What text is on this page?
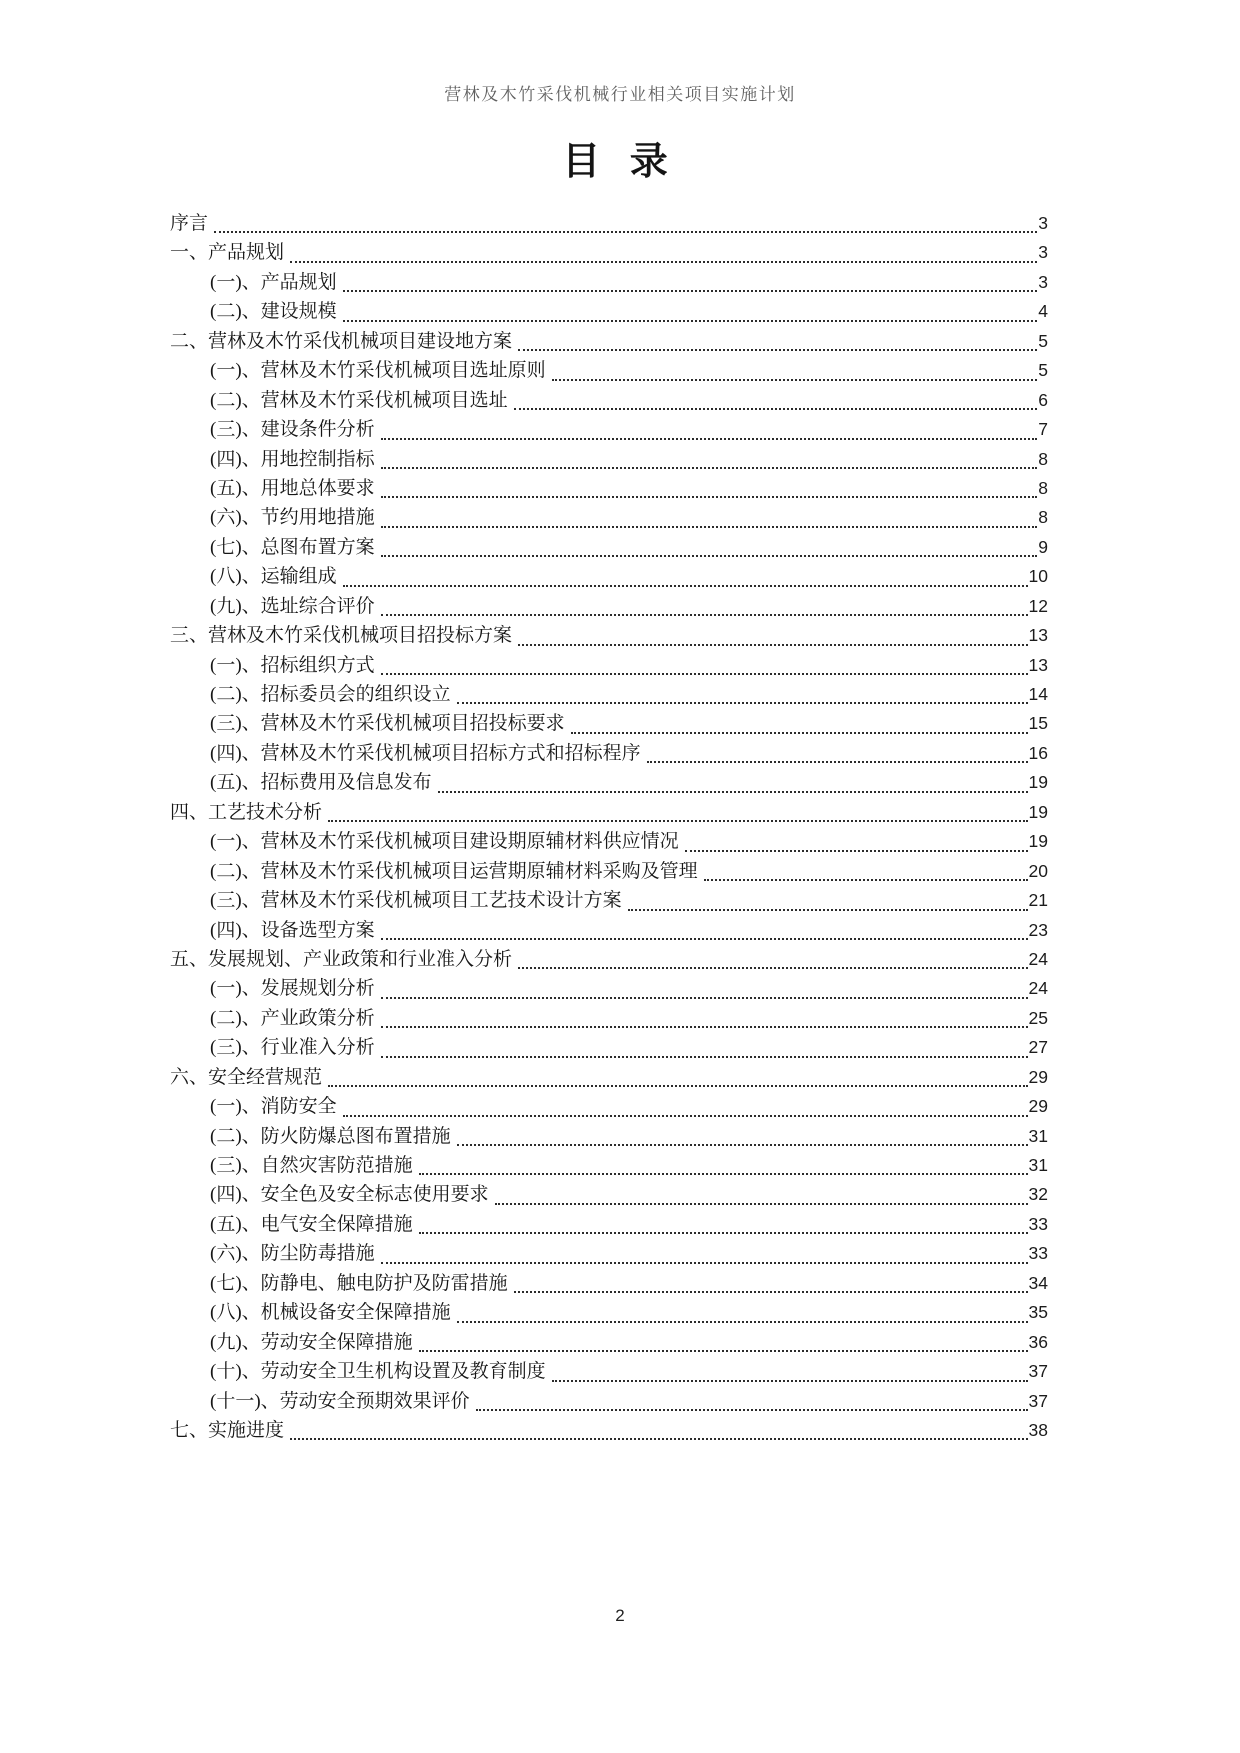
营林及木竹采伐机械行业相关项目实施计划
目 录
序言	3
一、产品规划	3
(一)、产品规划	3
(二)、建设规模	4
二、营林及木竹采伐机械项目建设地方案	5
(一)、营林及木竹采伐机械项目选址原则	5
(二)、营林及木竹采伐机械项目选址	6
(三)、建设条件分析	7
(四)、用地控制指标	8
(五)、用地总体要求	8
(六)、节约用地措施	8
(七)、总图布置方案	9
(八)、运输组成	10
(九)、选址综合评价	12
三、营林及木竹采伐机械项目招投标方案	13
(一)、招标组织方式	13
(二)、招标委员会的组织设立	14
(三)、营林及木竹采伐机械项目招投标要求	15
(四)、营林及木竹采伐机械项目招标方式和招标程序	16
(五)、招标费用及信息发布	19
四、工艺技术分析	19
(一)、营林及木竹采伐机械项目建设期原辅材料供应情况	19
(二)、营林及木竹采伐机械项目运营期原辅材料采购及管理	20
(三)、营林及木竹采伐机械项目工艺技术设计方案	21
(四)、设备选型方案	23
五、发展规划、产业政策和行业准入分析	24
(一)、发展规划分析	24
(二)、产业政策分析	25
(三)、行业准入分析	27
六、安全经营规范	29
(一)、消防安全	29
(二)、防火防爆总图布置措施	31
(三)、自然灾害防范措施	31
(四)、安全色及安全标志使用要求	32
(五)、电气安全保障措施	33
(六)、防尘防毒措施	33
(七)、防静电、触电防护及防雷措施	34
(八)、机械设备安全保障措施	35
(九)、劳动安全保障措施	36
(十)、劳动安全卫生机构设置及教育制度	37
(十一)、劳动安全预期效果评价	37
七、实施进度	38
2
